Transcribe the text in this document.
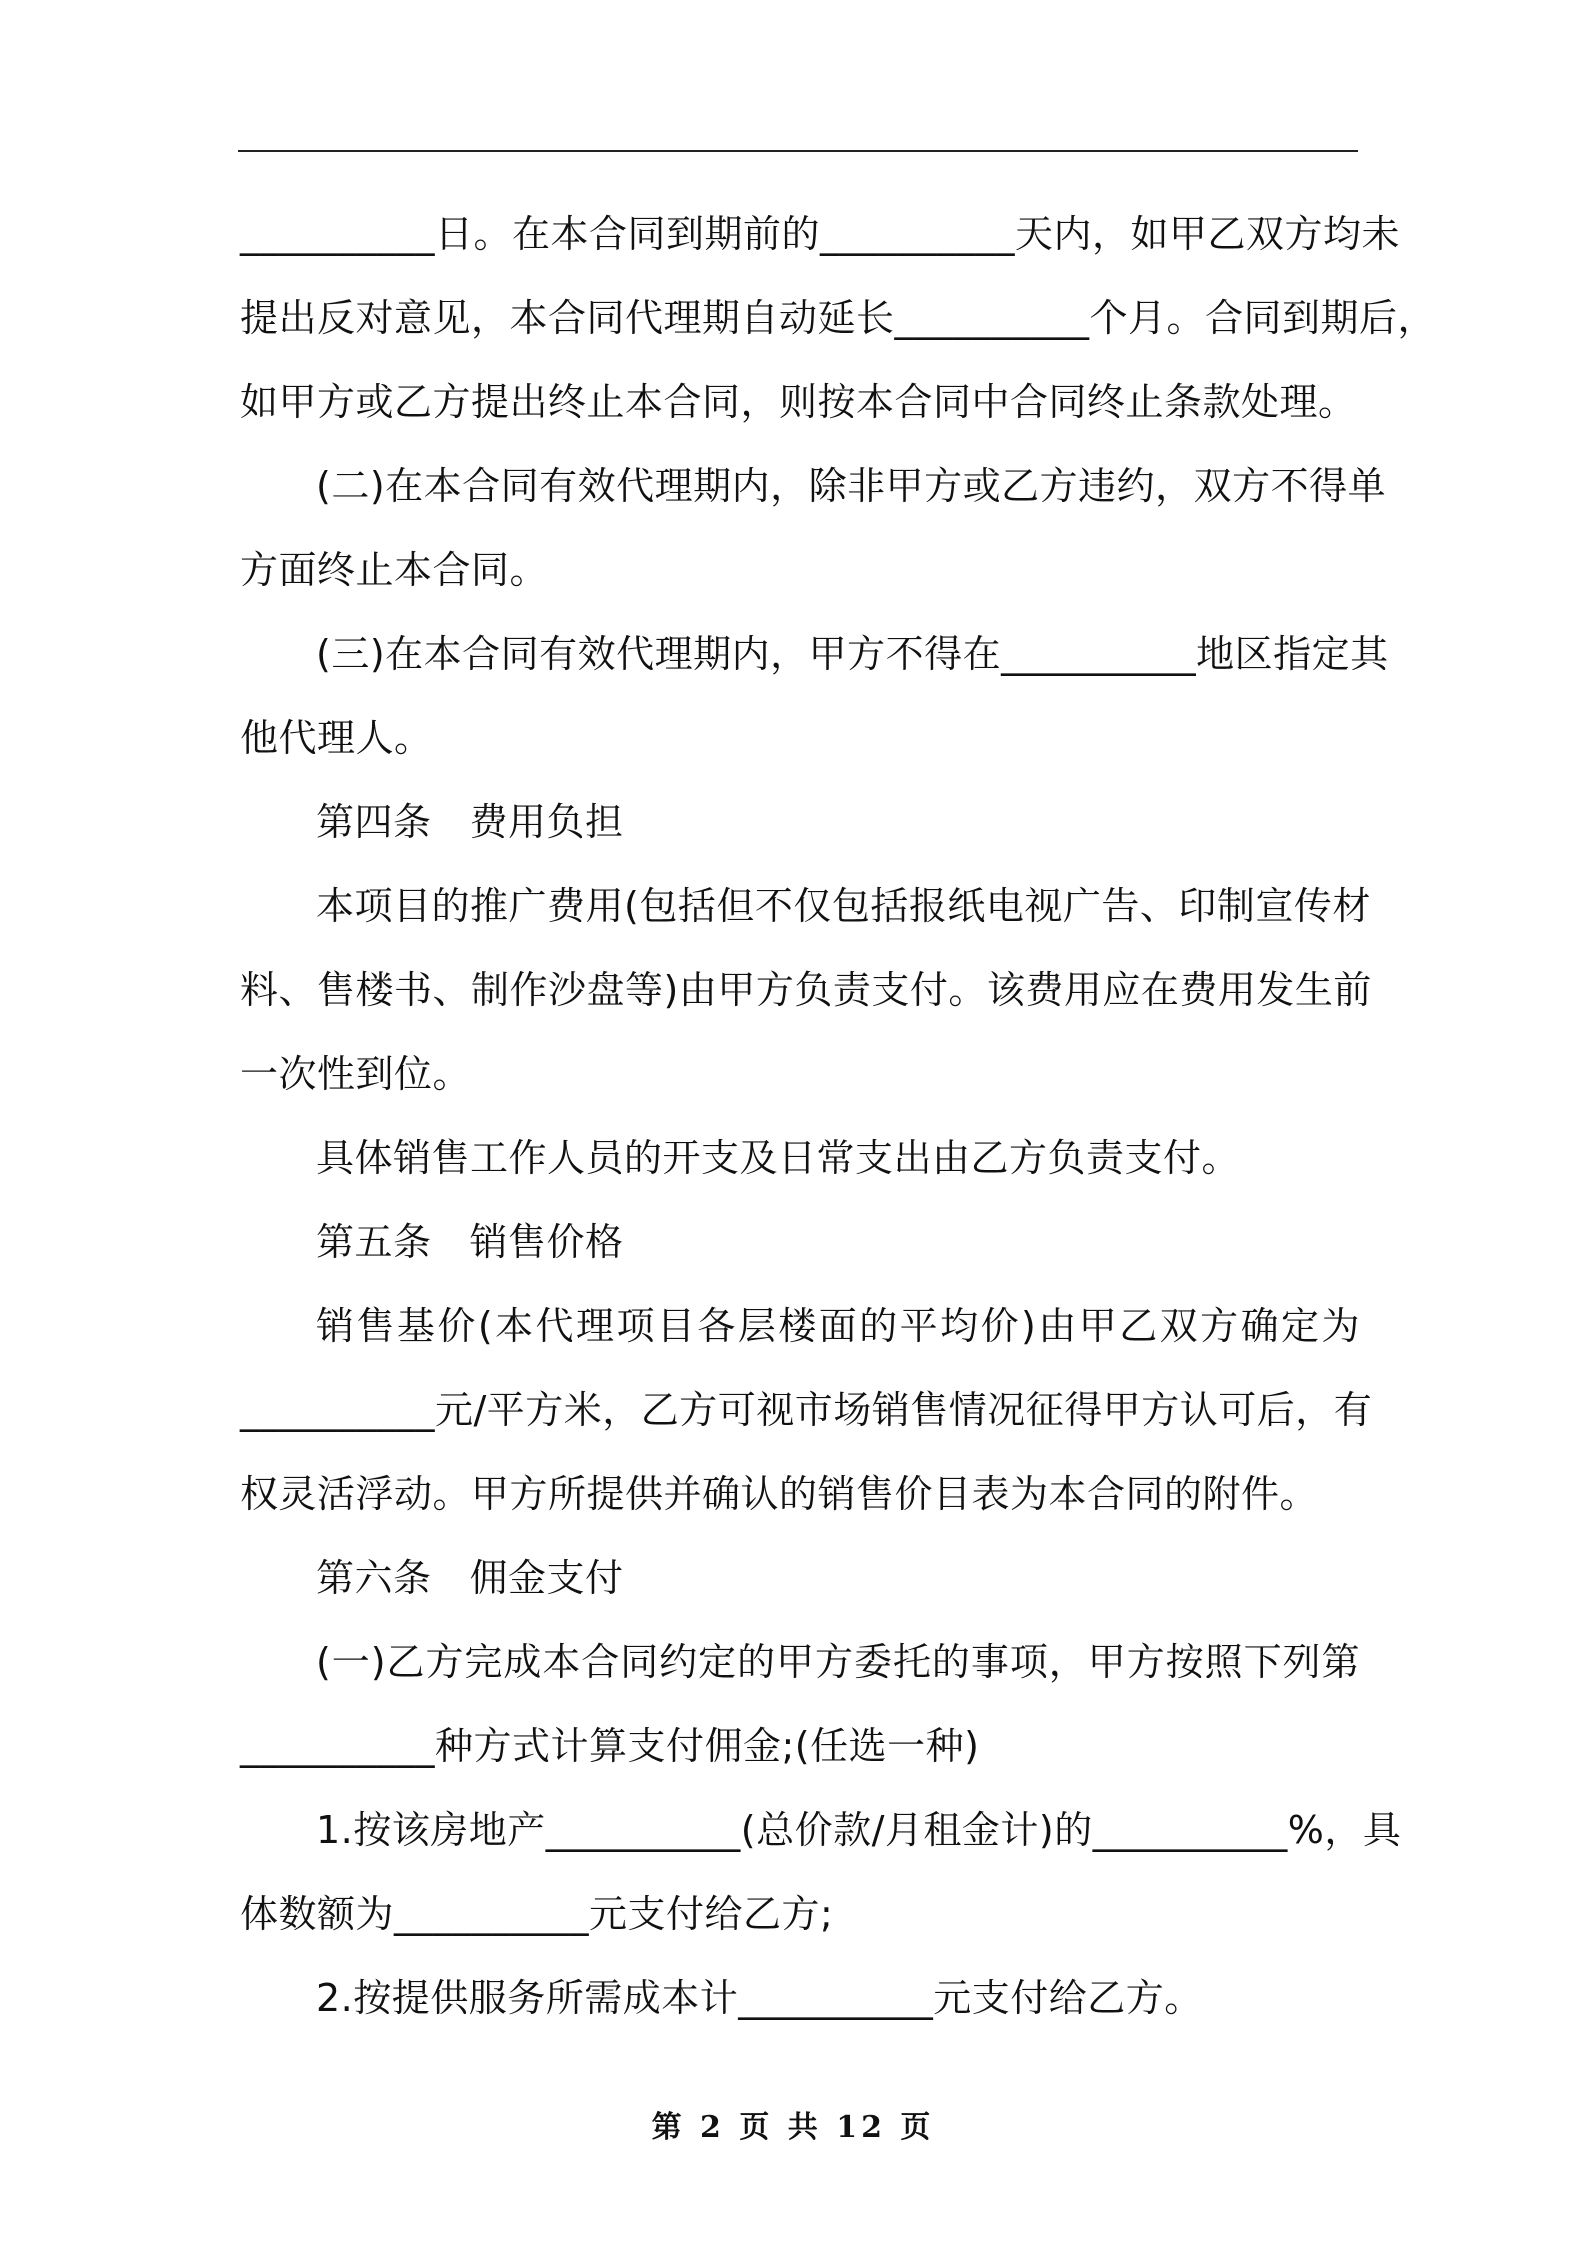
__________日。在本合同到期前的__________天内，如甲乙双方均未
提出反对意见，本合同代理期自动延长__________个月。合同到期后，
如甲方或乙方提出终止本合同，则按本合同中合同终止条款处理。
(二)在本合同有效代理期内，除非甲方或乙方违约，双方不得单
方面终止本合同。
(三)在本合同有效代理期内，甲方不得在__________地区指定其
他代理人。
第四条 费用负担
本项目的推广费用(包括但不仅包括报纸电视广告、印制宣传材
料、售楼书、制作沙盘等)由甲方负责支付。该费用应在费用发生前
一次性到位。
具体销售工作人员的开支及日常支出由乙方负责支付。
第五条 销售价格
销售基价(本代理项目各层楼面的平均价)由甲乙双方确定为
__________元/平方米，乙方可视市场销售情况征得甲方认可后，有
权灵活浮动。甲方所提供并确认的销售价目表为本合同的附件。
第六条 佣金支付
(一)乙方完成本合同约定的甲方委托的事项，甲方按照下列第
__________种方式计算支付佣金;(任选一种)
1.按该房地产__________(总价款/月租金计)的__________%，具
体数额为__________元支付给乙方;
2.按提供服务所需成本计__________元支付给乙方。
第 2 页 共 12 页
